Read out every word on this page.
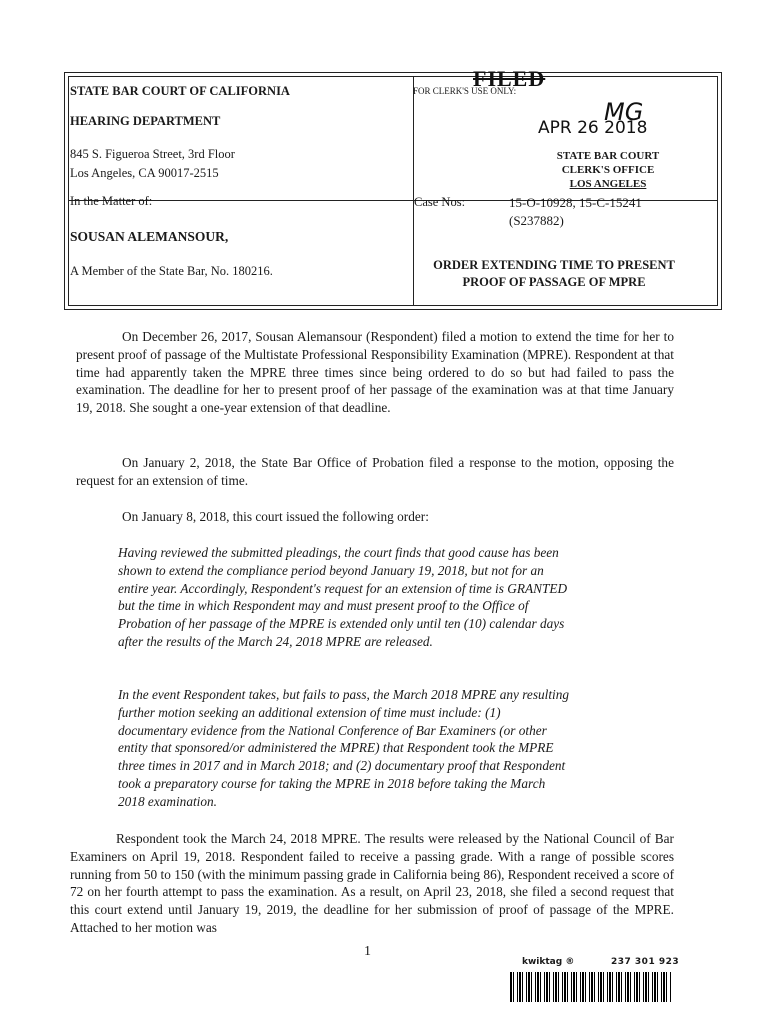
STATE BAR COURT OF CALIFORNIA
HEARING DEPARTMENT
845 S. Figueroa Street, 3rd Floor
Los Angeles, CA 90017-2515
In the Matter of:
SOUSAN ALEMANSOUR,
A Member of the State Bar, No. 180216.
FOR CLERK'S USE ONLY:
FILED
MG
APR 26 2018
STATE BAR COURT
CLERK'S OFFICE
LOS ANGELES
Case Nos:	15-O-10928, 15-C-15241
(S237882)
ORDER EXTENDING TIME TO PRESENT
PROOF OF PASSAGE OF MPRE

On December 26, 2017, Sousan Alemansour (Respondent) filed a motion to extend the time for her to present proof of passage of the Multistate Professional Responsibility Examination (MPRE). Respondent at that time had apparently taken the MPRE three times since being ordered to do so but had failed to pass the examination. The deadline for her to present proof of her passage of the examination was at that time January 19, 2018. She sought a one-year extension of that deadline.

On January 2, 2018, the State Bar Office of Probation filed a response to the motion, opposing the request for an extension of time.

On January 8, 2018, this court issued the following order:

Having reviewed the submitted pleadings, the court finds that good cause has been shown to extend the compliance period beyond January 19, 2018, but not for an entire year. Accordingly, Respondent's request for an extension of time is GRANTED but the time in which Respondent may and must present proof to the Office of Probation of her passage of the MPRE is extended only until ten (10) calendar days after the results of the March 24, 2018 MPRE are released.
In the event Respondent takes, but fails to pass, the March 2018 MPRE any resulting further motion seeking an additional extension of time must include: (1) documentary evidence from the National Conference of Bar Examiners (or other entity that sponsored/or administered the MPRE) that Respondent took the MPRE three times in 2017 and in March 2018; and (2) documentary proof that Respondent took a preparatory course for taking the MPRE in 2018 before taking the March 2018 examination.

Respondent took the March 24, 2018 MPRE. The results were released by the National Council of Bar Examiners on April 19, 2018. Respondent failed to receive a passing grade. With a range of possible scores running from 50 to 150 (with the minimum passing grade in California being 86), Respondent received a score of 72 on her fourth attempt to pass the examination. As a result, on April 23, 2018, she filed a second request that this court extend until January 19, 2019, the deadline for her submission of proof of passage of the MPRE. Attached to her motion was

1
kwiktag ®	237 301 923
